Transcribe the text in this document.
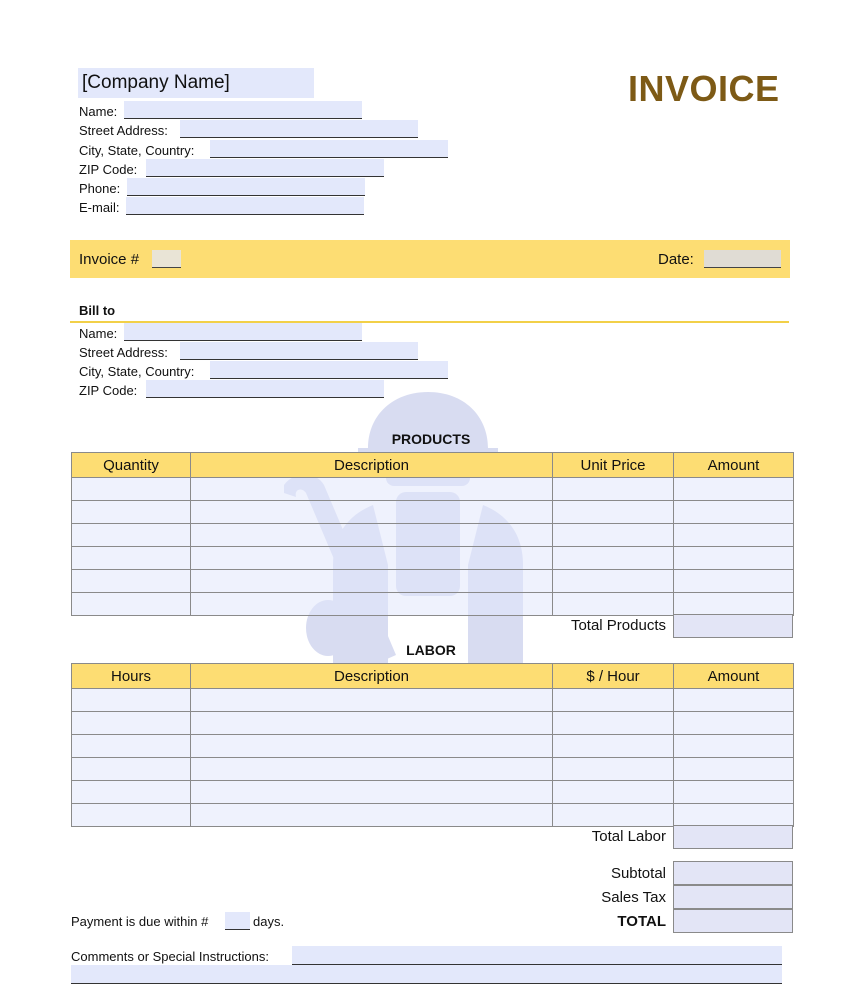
[Company Name]	INVOICE
Name:
Street Address:
City, State, Country:
ZIP Code:
Phone:
E-mail:
Invoice #	Date:
Bill to
Name:
Street Address:
City, State, Country:
ZIP Code:
PRODUCTS
Quantity	Description	Unit Price	Amount

Total Products
LABOR
Hours	Description	$ / Hour	Amount

Total Labor
Subtotal
Sales Tax
TOTAL
Payment is due within #	days.
Comments or Special Instructions:
